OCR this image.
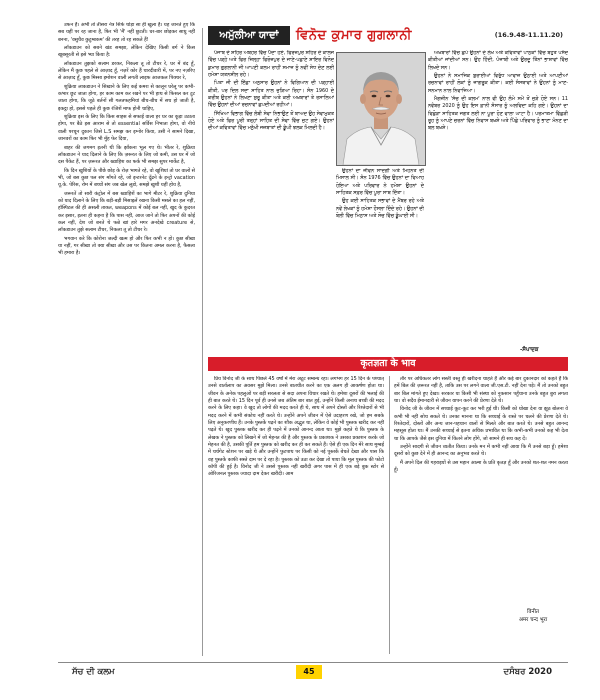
उफन हैं। अभी तो तीसरा नेत्र सिर्फ थोड़ा सा ही खुला है। यह जानते हुए कि सब यहीं पर रह जाना है, फिर भी 'मैं' नहीं छूटती। घर-बार छोड़कर साधु नहीं बनना, 'वसुधैव कुटुम्बकम' की तरह तो रह सकते हैं!

लॉकडाउन को सबने खंड समझा, लेकिन देखिए किसी बर्ग ने किस खूबसूरती से इसे भ्या किया है:

लॉकडाउन तुझको सलाम डरकर, निकला तू तो टीचर रे, घर में बंद हूँ, लेकिन मैं कुछ पहले से आज़ाद हूँ, नज़रें कोर हैं चारदीवारी में, पर नए नज़रिए से आज़ाद हूँ, कुछ मिस्सा इमोशन वाली लगती लाइफ आजकल पिक्चर रे,

शुक्रिया लाकडाउन ने सिखाने के लिए कई कमरा से कालून घरेलू पर कभी-कभार छूट जाता होगा, हर काम काम कर रखने पर भी हाथ से फिसल कर टूट जाता होगा, कि जूठे बर्तनों सी गलतफहमियां बीच-बीच में सच हो जाती है, इकट्ठा हो, इससे पहले ही कुछ रंजिशें माफ होनी चाहिए,

शुक्रिया इस के लिए कि किस साहस से सफाई वाला हर घर का कूड़ा उठाता होगा, पर बैठे इस आराम से तो essential सर्विस निभाता होगा, वो नीचे वाली परचून दुकान जिसे L.S समझ कर इग्नोर किया, उसी ने सामने दिखा, जानवरों का काम फिर भी मुँह फेर दिया,

बाहर की जगमग इतनी थी कि झाँकना भूल गए थे। भीतर रे, शुक्रिया लॉकडाउन ने याद दिलाने के लिए कि ज़रूरत के लिए जो कमी, उस घर में जो दस पैकेट हैं, पर ज़रूरत और ख्वाहिश का फर्क भी समझ सुपर मार्केट है,

कि दिन खुशियों के पीछे छोड़ के रोज़ भागते रहे, वो खुशियां तो घर वालों से भी, जो बस कुछ पल संग माँगते रहे, जो इन्टरनेट दूँढने के इन्ट्रो vacation यू.के. पेरिस, रोम में बच्चों संग जब खेल लूडो, समझे खुशी यहीं होय है,

जरूरतें तो सारी कंट्रोल में बस ख्वाहिशें का भागे मीटर रे, शुक्रिया दुनिया को याद दिलाने के लिए कि बड़ी-बड़ी मिसाइलें रखना किसी मसले का हल नहीं, हॉस्पिटल की ही असली ताकत, weapons में कोई बल नहीं, खुद के कुदरत कर इसार, इतना ही कहना है कि पास नहीं, आज जाने तो फिर अपनों की कोई कल नहीं, देश जो बनते थे फन्ने खां हारे मगर अनदेखे creature से, लॉकडाउन तुझे सलाम टीचर, निकला तू तो टीचर रे।

भगवान करे कि कोरोना जल्दी खत्म हो और फिर कभी न हो। कुछ सीखा या नहीं, गर सीखा तो क्या सीखा और उस पर कितना अमल करना है, फैसला भी हमारा है।

ਅਮੁੱਲੀਆ ਯਾਦਾਂ	ਵਿਨੋਦ ਕੁਮਾਰ ਗੁਗਲਾਨੀ	(16.9.48-11.11.20)

ਪੰਜਾਬ ਦੇ ਸ਼ਹਿਰ ਅਬੋਹਰ ਵਿੱਚ ਪੈਦਾ ਹੋਏ, ਫਿਰੋਜ਼ਪੁਰ ਸ਼ਹਿਰ ਦੇ ਕਾਲਜ ਵਿੱਚ ਪੜ੍ਹੇ ਅਤੇ ਫਿਰ ਜ਼ਿਲ੍ਹਾ ਫਿਰੋਜ਼ਪੁਰ ਦੇ ਜਾਣੇ-ਪਛਾਣੇ ਸ਼ਾਇਰ ਵਿਨੋਦ ਕੁਮਾਰ ਗੁਗਲਾਨੀ ਜੀ ਆਪਣੀ ਕਲਮ ਰਾਹੀਂ ਸਮਾਜ ਨੂੰ ਨਵੀਂ ਸੇਧ ਦੇਣ ਲਈ ਹਮੇਸ਼ਾ ਯਤਨਸ਼ੀਲ ਰਹੇ।

ਪਿਤਾ ਜੀ ਦੀ ਇੱਛਾ ਅਨੁਸਾਰ ਉਹਨਾਂ ਨੇ ਵਿਗਿਆਨ ਦੀ ਪੜ੍ਹਾਈ ਕੀਤੀ, ਪਰ ਦਿਲ ਸਦਾ ਸਾਹਿਤ ਨਾਲ ਜੁੜਿਆ ਰਿਹਾ। ਸੰਨ 1960 ਦੇ ਕਰੀਬ ਉਹਨਾਂ ਨੇ ਲਿਖਣਾ ਸ਼ੁਰੂ ਕੀਤਾ ਅਤੇ ਕਈ ਅਖ਼ਬਾਰਾਂ ਤੇ ਰਸਾਲਿਆਂ ਵਿੱਚ ਉਹਨਾਂ ਦੀਆਂ ਰਚਨਾਵਾਂ ਛਪਦੀਆਂ ਰਹੀਆਂ।

ਸਿੱਖਿਆ ਵਿਭਾਗ ਵਿੱਚ ਲੰਬੀ ਸੇਵਾ ਨਿਭਾਉਣ ਤੋਂ ਬਾਅਦ ਉਹ ਸੇਵਾਮੁਕਤ ਹੋਏ ਅਤੇ ਫਿਰ ਪੂਰੀ ਤਰ੍ਹਾਂ ਸਾਹਿਤ ਦੀ ਸੇਵਾ ਵਿੱਚ ਜੁਟ ਗਏ। ਉਹਨਾਂ ਦੀਆਂ ਕਵਿਤਾਵਾਂ ਵਿੱਚ ਮਨੁੱਖੀ ਜਜ਼ਬਾਤਾਂ ਦੀ ਡੂੰਘੀ ਝਲਕ ਮਿਲਦੀ ਹੈ।

ਉਹਨਾਂ ਦਾ ਜੀਵਨ ਸਾਦਗੀ ਅਤੇ ਮਿਹਨਤ ਦੀ ਮਿਸਾਲ ਸੀ। ਸੰਨ 1976 ਵਿੱਚ ਉਹਨਾਂ ਦਾ ਵਿਆਹ ਹੋਇਆ ਅਤੇ ਪਰਿਵਾਰ ਨੇ ਹਮੇਸ਼ਾ ਉਹਨਾਂ ਦੇ ਸਾਹਿਤਕ ਸਫ਼ਰ ਵਿੱਚ ਪੂਰਾ ਸਾਥ ਦਿੱਤਾ।

ਉਹ ਕਈ ਸਾਹਿਤਕ ਸਭਾਵਾਂ ਦੇ ਮੈਂਬਰ ਰਹੇ ਅਤੇ ਨਵੇਂ ਲੇਖਕਾਂ ਨੂੰ ਹਮੇਸ਼ਾ ਹੌਸਲਾ ਦਿੰਦੇ ਰਹੇ। ਉਹਨਾਂ ਦੀ ਬੋਲੀ ਵਿੱਚ ਮਿਠਾਸ ਅਤੇ ਸੋਚ ਵਿੱਚ ਡੂੰਘਾਈ ਸੀ।

ਅਖ਼ਬਾਰਾਂ ਵਿੱਚ ਛਪੇ ਉਹਨਾਂ ਦੇ ਲੇਖ ਅਤੇ ਕਵਿਤਾਵਾਂ ਪਾਠਕਾਂ ਵਿੱਚ ਬਹੁਤ ਪਸੰਦ ਕੀਤੀਆਂ ਜਾਂਦੀਆਂ ਸਨ। ਉਹ ਹਿੰਦੀ, ਪੰਜਾਬੀ ਅਤੇ ਉਰਦੂ ਤਿੰਨਾਂ ਭਾਸ਼ਾਵਾਂ ਵਿੱਚ ਲਿਖਦੇ ਸਨ।

ਉਹਨਾਂ ਨੇ ਸਮਾਜਿਕ ਬੁਰਾਈਆਂ ਵਿਰੁੱਧ ਆਵਾਜ਼ ਉਠਾਈ ਅਤੇ ਆਪਣੀਆਂ ਰਚਨਾਵਾਂ ਰਾਹੀਂ ਲੋਕਾਂ ਨੂੰ ਜਾਗਰੂਕ ਕੀਤਾ। ਕਈ ਸੰਸਥਾਵਾਂ ਨੇ ਉਹਨਾਂ ਨੂੰ ਮਾਣ-ਸਨਮਾਨ ਨਾਲ ਨਿਵਾਜਿਆ।

ਮੈਗਜ਼ੀਨ 'ਸੱਚ ਦੀ ਕਲਮ' ਨਾਲ ਵੀ ਉਹ ਲੰਮੇ ਸਮੇਂ ਤੋਂ ਜੁੜੇ ਹੋਏ ਸਨ। 11 ਨਵੰਬਰ 2020 ਨੂੰ ਉਹ ਇਸ ਫ਼ਾਨੀ ਸੰਸਾਰ ਨੂੰ ਅਲਵਿਦਾ ਕਹਿ ਗਏ। ਉਹਨਾਂ ਦਾ ਵਿਛੋੜਾ ਸਾਹਿਤਕ ਜਗਤ ਲਈ ਨਾ ਪੂਰਾ ਹੋਣ ਵਾਲਾ ਘਾਟਾ ਹੈ। ਪਰਮਾਤਮਾ ਵਿੱਛੜੀ ਰੂਹ ਨੂੰ ਆਪਣੇ ਚਰਨਾਂ ਵਿੱਚ ਨਿਵਾਸ ਬਖ਼ਸ਼ੇ ਅਤੇ ਪਿੱਛੇ ਪਰਿਵਾਰ ਨੂੰ ਭਾਣਾ ਮੰਨਣ ਦਾ ਬਲ ਬਖ਼ਸ਼ੇ।

-ਸੰਪਾਦਕ
कृतज्ञता के भाव

प्रिय विनोद जी के साथ पिछले 45 वर्षों में मेरा अटूट सम्बन्ध रहा। लगभग हर 15 दिन के पश्चात् उनसे वार्तालाप का अवसर मुझे मिला। उनसे बातचीत करने का एक अलग ही आकर्षण होता था। जीवन के अनेक पहलुओं पर बड़ी सरलता से सदा अपना विचार रखते थे। हमेशा दूसरों की भलाई की ही बात करते थे। 15 दिन पूर्व ही उनसे जब अंतिम बार बात हुई, उन्होंने किसी अनाथ बच्ची की मदद करने के लिए कहा। वे खुद तो लोगों की मदद करते ही थे, साथ में अपने दोस्तों और रिश्तेदारों से भी मदद करने में कभी संकोच नहीं करते थे। उन्होंने अपने जीवन में ऐसे उदाहरण रखे, जो हम सबके लिए अनुकरणीय हैं। उनके पुस्तकें पढ़ने का शौक अद्भुत था, लेकिन वे कोई भी पुस्तक खरीद कर नहीं पढ़ते थे। खुद पुस्तक खरीद कर ही पढ़ने में उनको आनन्द आता था। मुझे कहते थे कि पुस्तक के लेखक ने पुस्तक को लिखने में जो मेहनत की है और पुस्तक के प्रकाशक ने उसका प्रकाशन करके जो मेहनत की है, उसकी पूर्ति हम पुस्तक को खरीद कर ही कर सकते हैं। ऐसे ही एक दिन मेरे साथ मुम्बई में चर्चगेट स्टेशन पर खड़े थे और उन्होंने फुटपाथ पर किसी को नई पुस्तकें बेचते देखा और पास कि वह पुस्तकें काफी सस्ते दाम पर दे रहा है। पुस्तक को उठा कर देखा तो पाया कि मूल पुस्तक की फोटो कॉपी की हुई है। विनोद जी ने उससे पुस्तक नहीं खरीदी अगर पास में ही एक बड़े बुक स्टोर से ओरिजनल पुस्तक ज्यादा दाम देकर खरीदी। आम

तौर पर अधिकतर लोग सस्ती वस्तु ही खरीदना चाहते हैं और कई बार दुकानदार को कहते हैं कि हमें बिल की ज़रूरत नहीं है, ताकि उस पर लगने वाला जी.एस.टी. नहीं देना पड़े। मैं तो उनको बहुत बार बिल मांगते हुए देखा। सरकार या किसी भी संस्था को नुकसान पहुँचाना उनके बहुत बुरा लगता था। वो सदैव ईमानदारी से जीवन यापन करने की प्रेरणा देते थे।

विनोद जी के जीवन में सच्चाई कूट-कूट कर भरी हुई थी। किसी को धोखा देना या झूठ बोलना वे कभी भी नहीं सोच सकते थे। उनका मानना था कि सच्चाई के रास्ते पर चलने की प्रेरणा देते थे। रिश्तेदारों, दोस्तों और अन्य जान-पहचान वालों से मिलते और बात करते थे। उनसे बहुत आनन्द महसूस होता था। मैं उनकी सच्चाई से इतना अधिक प्रभावित था कि कभी-कभी उनको कह भी देता था कि आपके जैसे इस दुनिया में कितने लोग होंगे, जो सामने ही सच कह दें।

उन्होंने सादगी से जीवन व्यतीत किया। उनके मन में कभी नहीं आया कि मैं उनसे बड़ा हूँ। हमेशा दूसरों को कुछ देने में ही आनन्द का अनुभव करते थे।

मैं अपने दिल की गहराइयों से उस महान आत्मा के प्रति कृतज्ञ हूँ और उनको शत-शत नमन करता हूँ।

विनीत
अमर चन्द भूरा
ਸੱਚ ਦੀ ਕਲਮ	45	ਦਸੰਬਰ 2020
